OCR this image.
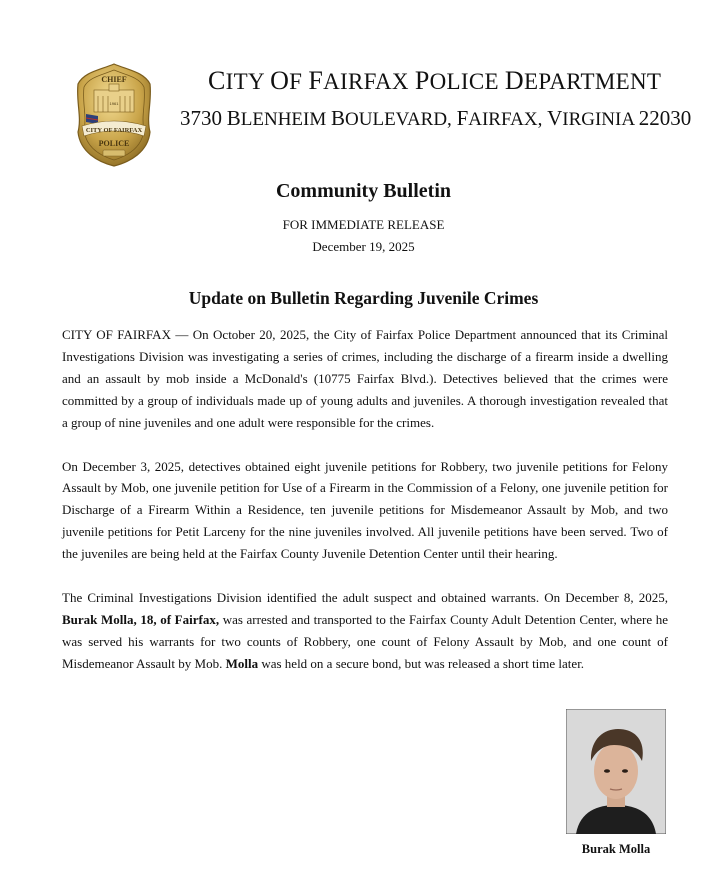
CHIEF
1961
CITY OF FAIRFAX
POLICE
CITY OF FAIRFAX POLICE DEPARTMENT
3730 BLENHEIM BOULEVARD, FAIRFAX, VIRGINIA 22030
Community Bulletin
FOR IMMEDIATE RELEASE
December 19, 2025
Update on Bulletin Regarding Juvenile Crimes

CITY OF FAIRFAX — On October 20, 2025, the City of Fairfax Police Department announced that its Criminal Investigations Division was investigating a series of crimes, including the discharge of a firearm inside a dwelling and an assault by mob inside a McDonald's (10775 Fairfax Blvd.). Detectives believed that the crimes were committed by a group of individuals made up of young adults and juveniles. A thorough investigation revealed that a group of nine juveniles and one adult were responsible for the crimes.

On December 3, 2025, detectives obtained eight juvenile petitions for Robbery, two juvenile petitions for Felony Assault by Mob, one juvenile petition for Use of a Firearm in the Commission of a Felony, one juvenile petition for Discharge of a Firearm Within a Residence, ten juvenile petitions for Misdemeanor Assault by Mob, and two juvenile petitions for Petit Larceny for the nine juveniles involved. All juvenile petitions have been served. Two of the juveniles are being held at the Fairfax County Juvenile Detention Center until their hearing.

The Criminal Investigations Division identified the adult suspect and obtained warrants. On December 8, 2025, Burak Molla, 18, of Fairfax, was arrested and transported to the Fairfax County Adult Detention Center, where he was served his warrants for two counts of Robbery, one count of Felony Assault by Mob, and one count of Misdemeanor Assault by Mob. Molla was held on a secure bond, but was released a short time later.

Burak Molla
